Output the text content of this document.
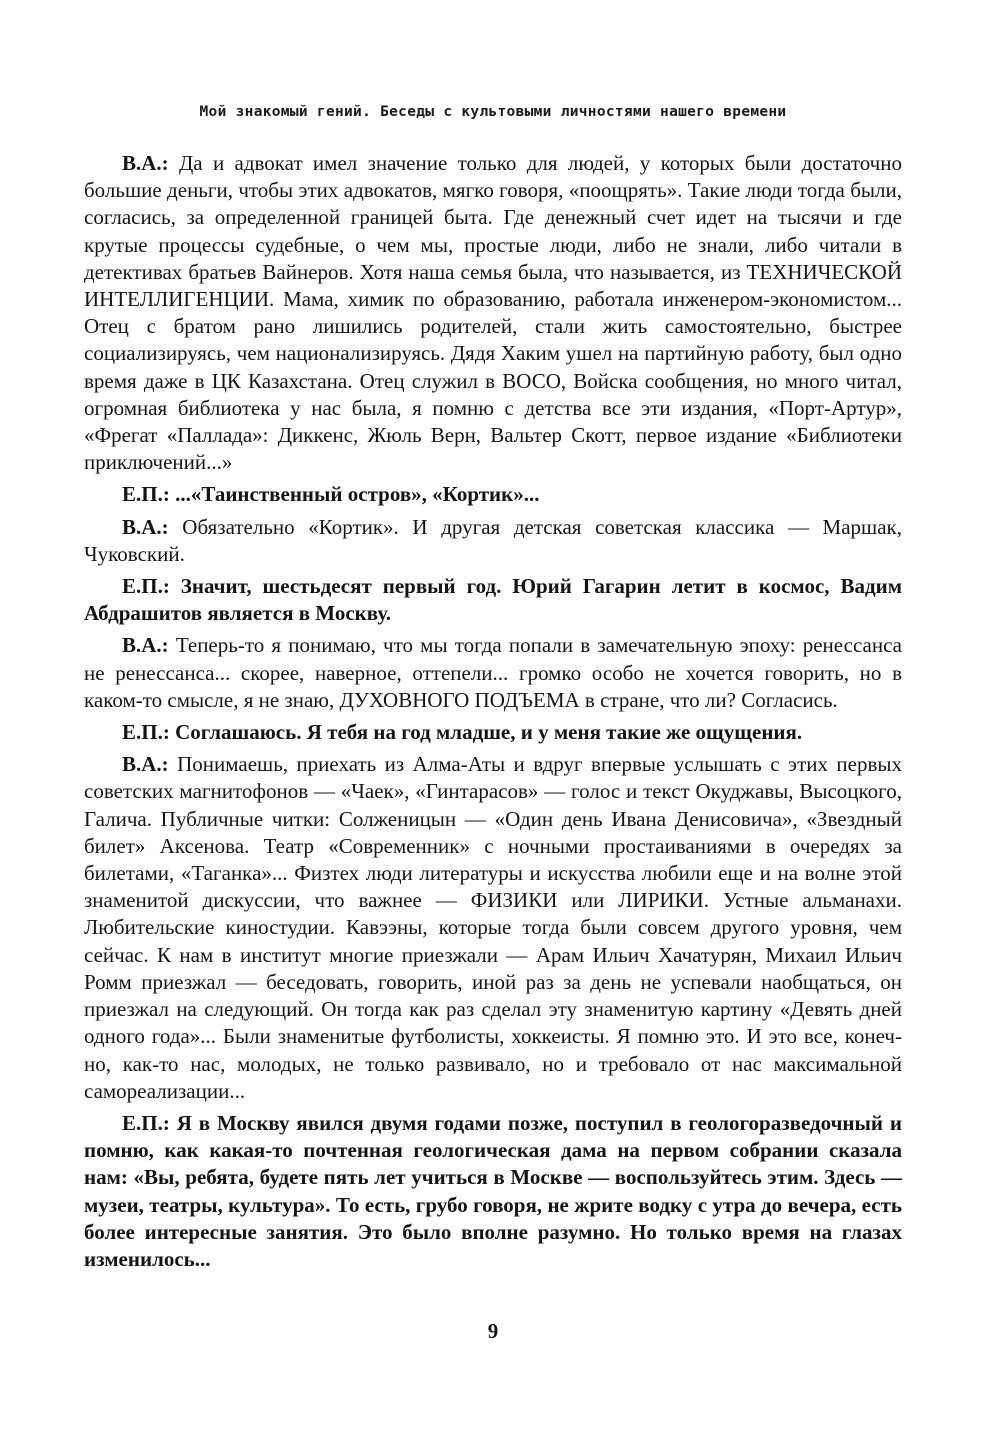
Мой знакомый гений. Беседы с культовыми личностями нашего времени

В.А.: Да и адвокат имел значение только для людей, у которых были достаточно большие деньги, чтобы этих адвокатов, мягко говоря, «поощрять». Такие люди тогда были, согласись, за определенной границей быта. Где денежный счет идет на тысячи и где крутые процессы судебные, о чем мы, простые люди, либо не знали, либо читали в детективах братьев Вайнеров. Хотя наша семья была, что называется, из ТЕХНИЧЕСКОЙ ИНТЕЛЛИГЕНЦИИ. Мама, химик по образованию, работала инженером-экономистом... Отец с братом рано лишились родителей, стали жить самостоятельно, быстрее социализируясь, чем национализируясь. Дядя Хаким ушел на партийную работу, был одно время даже в ЦК Казахстана. Отец служил в ВОСО, Войска сообщения, но много читал, огромная библиотека у нас была, я помню с детства все эти издания, «Порт-Артур», «Фрегат «Паллада»: Диккенс, Жюль Верн, Вальтер Скотт, первое издание «Библиотеки приключений...»

Е.П.: ...«Таинственный остров», «Кортик»...

В.А.: Обязательно «Кортик». И другая детская советская классика — Маршак, Чуковский.

Е.П.: Значит, шестьдесят первый год. Юрий Гагарин летит в космос, Вадим Абдрашитов является в Москву.

В.А.: Теперь-то я понимаю, что мы тогда попали в замечательную эпоху: ренессанса не ренессанса... скорее, наверное, оттепели... громко особо не хочется говорить, но в каком-то смысле, я не знаю, ДУХОВНОГО ПОДЪЕМА в стране, что ли? Согласись.

Е.П.: Соглашаюсь. Я тебя на год младше, и у меня такие же ощущения.

В.А.: Понимаешь, приехать из Алма-Аты и вдруг впервые услышать с этих первых советских магнитофонов — «Чаек», «Гинтарасов» — голос и текст Окуджавы, Высоцкого, Галича. Публичные читки: Солженицын — «Один день Ивана Денисовича», «Звездный билет» Аксенова. Театр «Современник» с ночными простаиваниями в очередях за билетами, «Таганка»... Физтех люди литературы и искусства любили еще и на волне этой знаменитой дискуссии, что важнее — ФИЗИКИ или ЛИРИКИ. Устные альманахи. Любительские киностудии. Кавээны, которые тогда были совсем другого уровня, чем сейчас. К нам в институт многие приезжали — Арам Ильич Хачатурян, Михаил Ильич Ромм приезжал — беседовать, говорить, иной раз за день не успевали наобщаться, он приезжал на следующий. Он тогда как раз сделал эту знаменитую картину «Девять дней одного года»... Были знаменитые футболисты, хоккеисты. Я помню это. И это все, конечно, как-то нас, молодых, не только развивало, но и требовало от нас максимальной самореализации...

Е.П.: Я в Москву явился двумя годами позже, поступил в геологоразведочный и помню, как какая-то почтенная геологическая дама на первом собрании сказала нам: «Вы, ребята, будете пять лет учиться в Москве — воспользуйтесь этим. Здесь — музеи, театры, культура». То есть, грубо говоря, не жрите водку с утра до вечера, есть более интересные занятия. Это было вполне разумно. Но только время на глазах изменилось...

9
